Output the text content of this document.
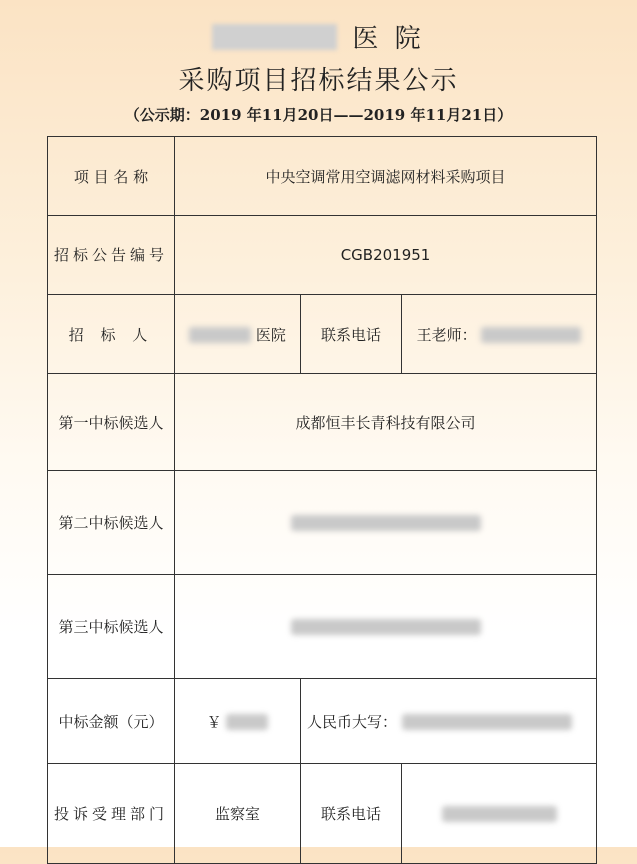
医 院
采购项目招标结果公示
（公示期：2019 年11月20日——2019 年11月21日）
项 目 名 称	中央空调常用空调滤网材料采购项目		
招标公告编号	CGB201951		
招 标 人	医院	联系电话	王老师：
第一中标候选人	成都恒丰长青科技有限公司		
第二中标候选人			
第三中标候选人			
中标金额（元）	￥	人民币大写：	
投诉受理部门	监察室	联系电话	
